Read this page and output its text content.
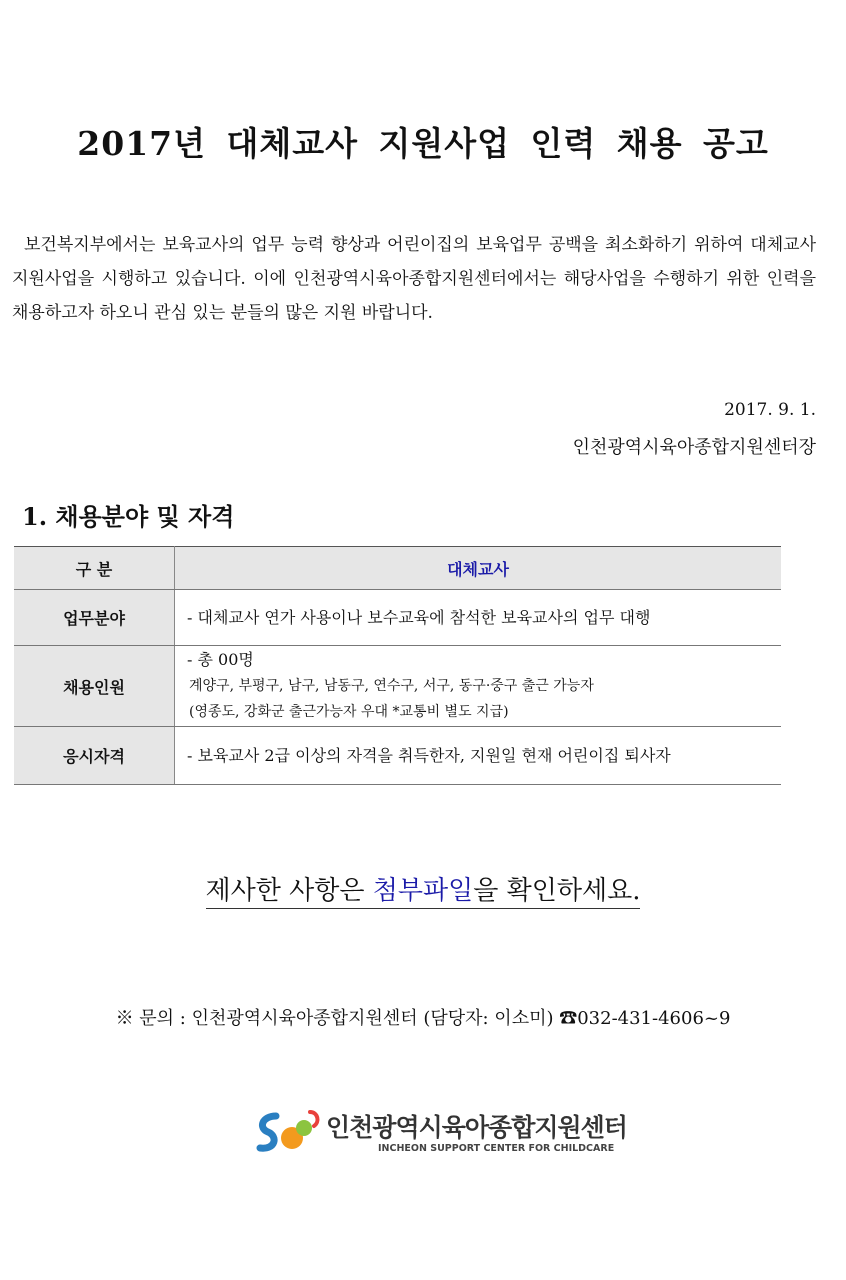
2017년 대체교사 지원사업 인력 채용 공고

보건복지부에서는 보육교사의 업무 능력 향상과 어린이집의 보육업무 공백을 최소화하기 위하여 대체교사 지원사업을 시행하고 있습니다. 이에 인천광역시육아종합지원센터에서는 해당사업을 수행하기 위한 인력을 채용하고자 하오니 관심 있는 분들의 많은 지원 바랍니다.

2017. 9. 1.
인천광역시육아종합지원센터장
1. 채용분야 및 자격
구 분	대체교사
업무분야	- 대체교사 연가 사용이나 보수교육에 참석한 보육교사의 업무 대행

채용인원	- 총 00명
계양구, 부평구, 남구, 남동구, 연수구, 서구, 동구·중구 출근 가능자
(영종도, 강화군 출근가능자 우대 *교통비 별도 지급)

응시자격	- 보육교사 2급 이상의 자격을 취득한자, 지원일 현재 어린이집 퇴사자
제사한 사항은 첨부파일을 확인하세요.
※ 문의 : 인천광역시육아종합지원센터 (담당자: 이소미) ☎032-431-4606~9
인천광역시육아종합지원센터
INCHEON SUPPORT CENTER FOR CHILDCARE
